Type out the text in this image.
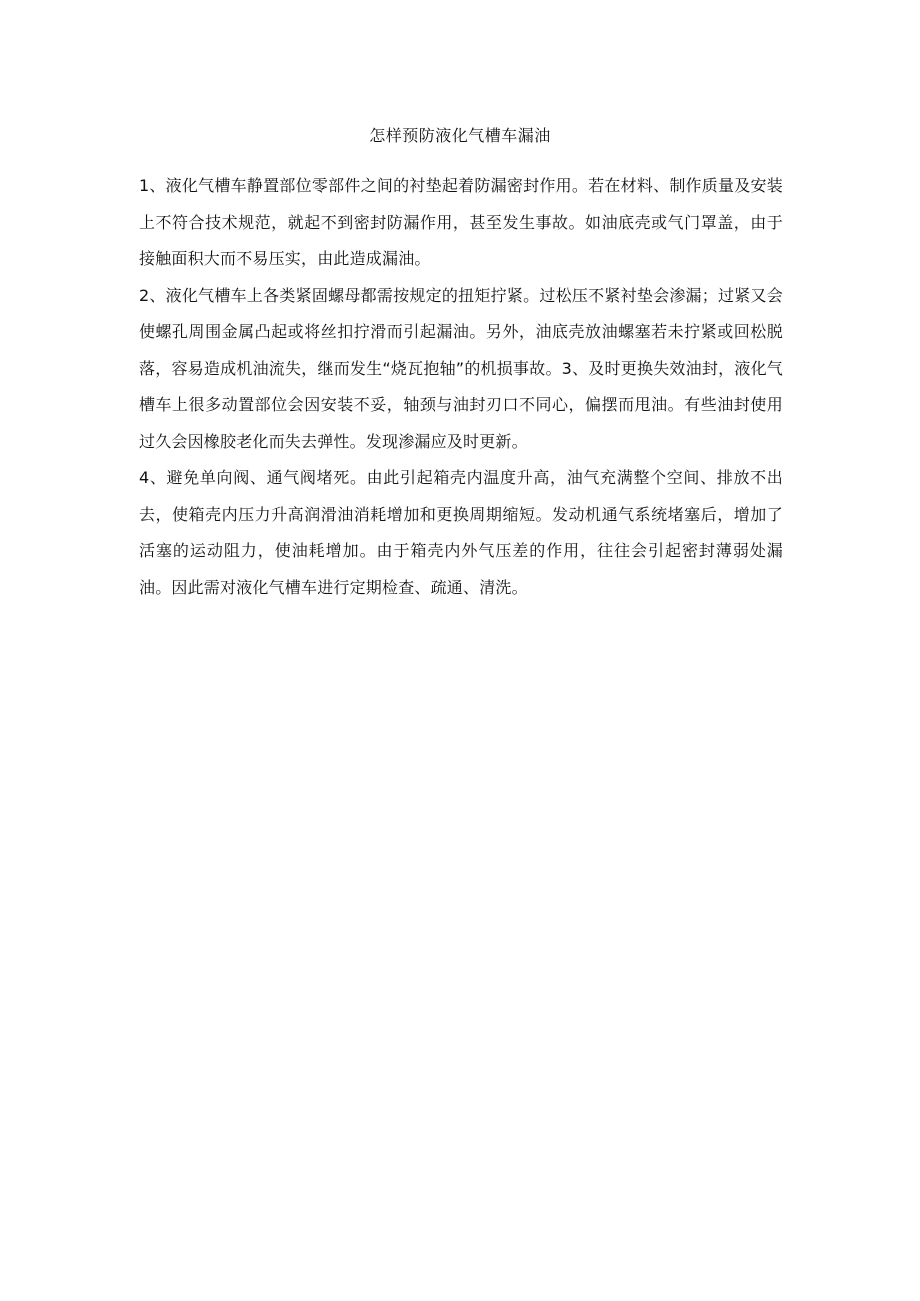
怎样预防液化气槽车漏油

1、液化气槽车静置部位零部件之间的衬垫起着防漏密封作用。若在材料、制作质量及安装上不符合技术规范，就起不到密封防漏作用，甚至发生事故。如油底壳或气门罩盖，由于接触面积大而不易压实，由此造成漏油。

2、液化气槽车上各类紧固螺母都需按规定的扭矩拧紧。过松压不紧衬垫会渗漏；过紧又会使螺孔周围金属凸起或将丝扣拧滑而引起漏油。另外，油底壳放油螺塞若未拧紧或回松脱落，容易造成机油流失，继而发生“烧瓦抱轴”的机损事故。3、及时更换失效油封，液化气槽车上很多动置部位会因安装不妥，轴颈与油封刃口不同心，偏摆而甩油。有些油封使用过久会因橡胶老化而失去弹性。发现渗漏应及时更新。

4、避免单向阀、通气阀堵死。由此引起箱壳内温度升高，油气充满整个空间、排放不出去，使箱壳内压力升高润滑油消耗增加和更换周期缩短。发动机通气系统堵塞后，增加了活塞的运动阻力，使油耗增加。由于箱壳内外气压差的作用，往往会引起密封薄弱处漏油。因此需对液化气槽车进行定期检查、疏通、清洗。
